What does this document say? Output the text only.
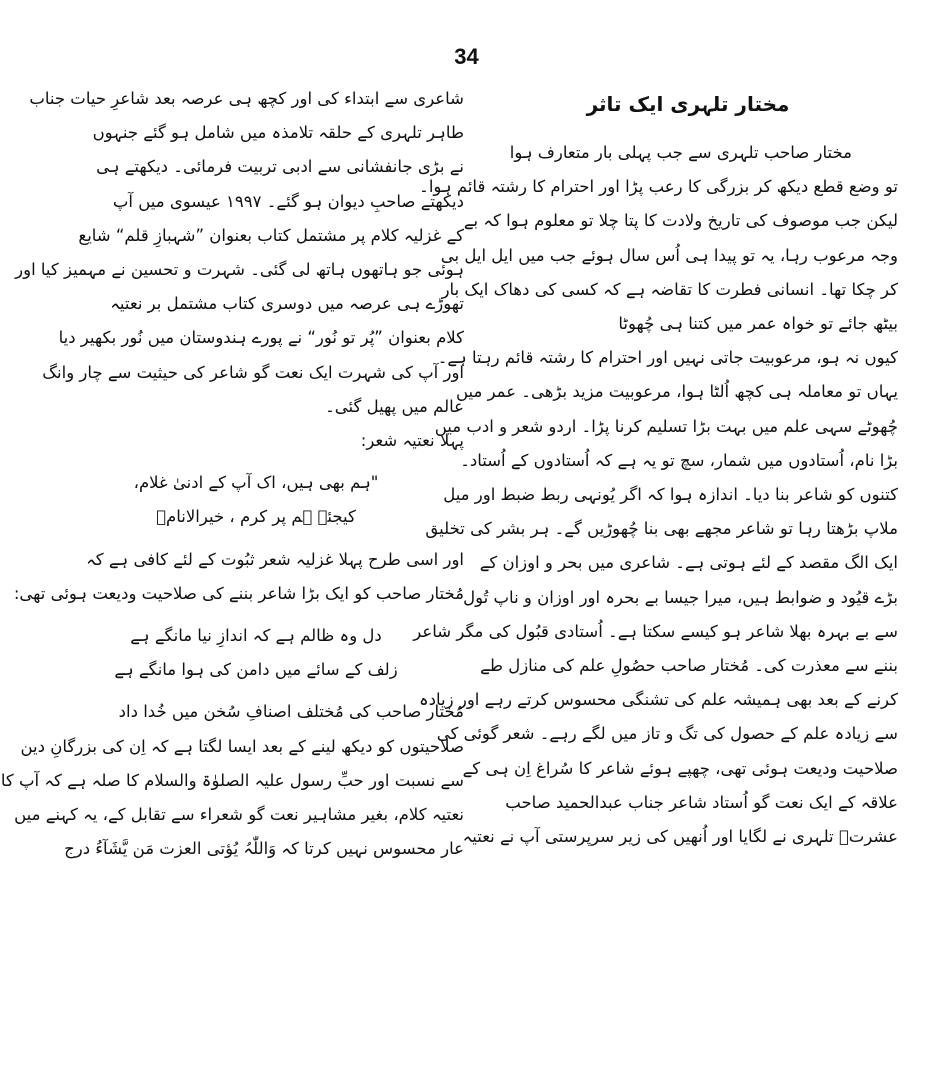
34
مختار تلہری ایک تاثر
مختار صاحب تلہری سے جب پہلی بار متعارف ہوا
تو وضع قطع دیکھ کر بزرگی کا رعب پڑا اور احترام کا رشتہ قائم ہوا۔
لیکن جب موصوف کی تاریخ ولادت کا پتا چلا تو معلوم ہوا کہ بے
وجہ مرعوب رہا، یہ تو پیدا ہی اُس سال ہوئے جب میں ایل ایل بی
کر چکا تھا۔ انسانی فطرت کا تقاضہ ہے کہ کسی کی دھاک ایک بار
بیٹھ جائے تو خواہ عمر میں کتنا ہی چُھوٹا
کیوں نہ ہو، مرعوبیت جاتی نہیں اور احترام کا رشتہ قائم رہتا ہے۔
یہاں تو معاملہ ہی کچھ اُلٹا ہوا، مرعوبیت مزید بڑھی۔ عمر میں
چُھوٹے سہی علم میں بہت بڑا تسلیم کرنا پڑا۔ اردو شعر و ادب میں
بڑا نام، اُستادوں میں شمار، سچ تو یہ ہے کہ اُستادوں کے اُستاد۔
کتنوں کو شاعر بنا دیا۔ اندازہ ہوا کہ اگر یُونہی ربط ضبط اور میل
ملاپ بڑھتا رہا تو شاعر مجھے بھی بنا چُھوڑیں گے۔ ہر بشر کی تخلیق
ایک الگ مقصد کے لئے ہوتی ہے۔ شاعری میں بحر و اوزان کے
بڑے قیُود و ضوابط ہیں، میرا جیسا بے بحرہ اور اوزان و ناپ تُول
سے بے بہرہ بھلا شاعر ہو کیسے سکتا ہے۔ اُستادی قبُول کی مگر شاعر
بننے سے معذرت کی۔ مُختار صاحب حصُولِ علم کی منازل طے
کرنے کے بعد بھی ہمیشہ علم کی تشنگی محسوس کرتے رہے اور زیادہ
سے زیادہ علم کے حصول کی تگ و تاز میں لگے رہے۔ شعر گوئی کی
صلاحیت ودیعت ہوئی تھی، چھپے ہوئے شاعر کا سُراغ اِن ہی کے
علاقہ کے ایک نعت گو اُستاد شاعر جناب عبدالحمید صاحب
عشرتؔ تلہری نے لگایا اور اُنھیں کی زیر سرپرستی آپ نے نعتیہ
شاعری سے ابتداء کی اور کچھ ہی عرصہ بعد شاعرِ حیات جناب
طاہر تلہری کے حلقہ تلامذہ میں شامل ہو گئے جنہوں
نے بڑی جانفشانی سے ادبی تربیت فرمائی۔ دیکھتے ہی
دیکھتے صاحبِ دیوان ہو گئے۔ ۱۹۹۷ عیسوی میں آپ
کے غزلیہ کلام پر مشتمل کتاب بعنوان ”شہبازِ قلم“ شایع
ہوئی جو ہاتھوں ہاتھ لی گئی۔ شہرت و تحسین نے مہمیز کیا اور
تھوڑے ہی عرصہ میں دوسری کتاب مشتمل بر نعتیہ
کلام بعنوان ”پُر تو نُور“ نے پورے ہندوستان میں نُور بکھیر دیا
اور آپ کی شہرت ایک نعت گو شاعر کی حیثیت سے چار وانگ
عالم میں پھیل گئی۔
پہلا نعتیہ شعر:
"ہم بھی ہیں، اک آپ کے ادنیٰ غلام،
کیجئے ہم پر کرم ، خیرالانامؐ
اور اسی طرح پہلا غزلیہ شعر ثبُوت کے لئے کافی ہے کہ
مُختار صاحب کو ایک بڑا شاعر بننے کی صلاحیت ودیعت ہوئی تھی:
دل وہ ظالم ہے کہ اندازِ نیا مانگے ہے
زلف کے سائے میں دامن کی ہوا مانگے ہے
مُختار صاحب کی مُختلف اصنافِ سُخن میں خُدا داد
صلاحیتوں کو دیکھ لینے کے بعد ایسا لگتا ہے کہ اِن کی بزرگانِ دین
سے نسبت اور حبِّ رسول علیہ الصلوٰۃ والسلام کا صلہ ہے کہ آپ کا
نعتیہ کلام، بغیر مشاہیر نعت گو شعراء سے تقابل کے، یہ کہنے میں
عار محسوس نہیں کرتا کہ وَاللّٰہُ یُؤتی العزت مَن یَّشَآءُ درج
